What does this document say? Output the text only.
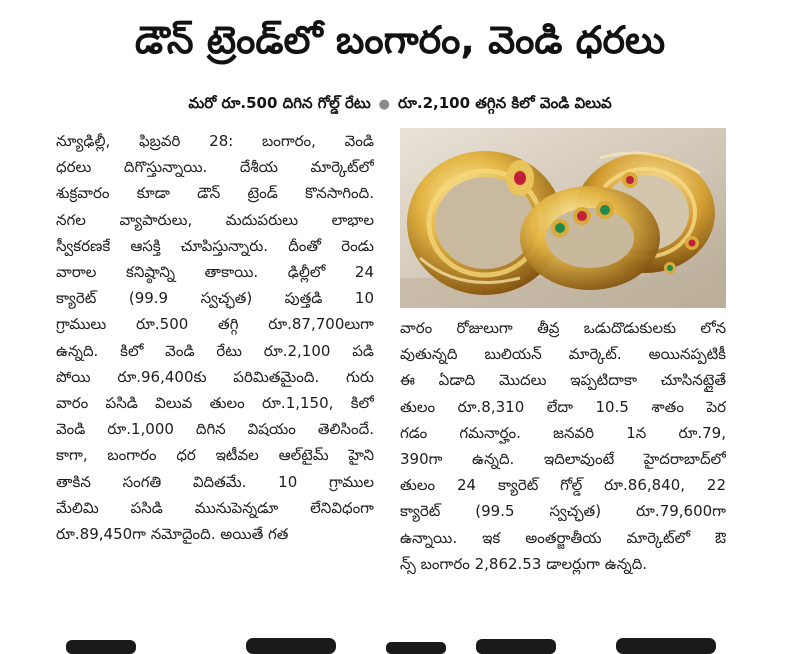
డౌన్ ట్రెండ్‌లో బంగారం, వెండి ధరలు
మరో రూ.500 దిగిన గోల్డ్ రేటు ● రూ.2,100 తగ్గిన కిలో వెండి విలువ
న్యూఢిల్లీ, ఫిబ్రవరి 28: బంగారం, వెండి
ధరలు దిగొస్తున్నాయి. దేశీయ మార్కెట్‌లో
శుక్రవారం కూడా డౌన్ ట్రెండ్ కొనసాగింది.
నగల వ్యాపారులు, మదుపరులు లాభాల
స్వీకరణకే ఆసక్తి చూపిస్తున్నారు. దీంతో రెండు
వారాల కనిష్ఠాన్ని తాకాయి. ఢిల్లీలో 24
క్యారెట్ (99.9 స్వచ్ఛత) పుత్తడి 10
గ్రాములు రూ.500 తగ్గి రూ.87,700లుగా
ఉన్నది. కిలో వెండి రేటు రూ.2,100 పడి
పోయి రూ.96,400కు పరిమితమైంది. గురు
వారం పసిడి విలువ తులం రూ.1,150, కిలో
వెండి రూ.1,000 దిగిన విషయం తెలిసిందే.
కాగా, బంగారం ధర ఇటీవల ఆల్‌టైమ్ హైని
తాకిన సంగతి విదితమే. 10 గ్రాముల
మేలిమి పసిడి మునుపెన్నడూ లేనివిధంగా
రూ.89,450గా నమోదైంది. అయితే గత
వారం రోజులుగా తీవ్ర ఒడుదొడుకులకు లోన
వుతున్నది బులియన్ మార్కెట్. అయినప్పటికీ
ఈ ఏడాది మొదలు ఇప్పటిదాకా చూసినట్లైతే
తులం రూ.8,310 లేదా 10.5 శాతం పెర
గడం గమనార్హం. జనవరి 1న రూ.79,
390గా ఉన్నది. ఇదిలావుంటే హైదరాబాద్‌లో
తులం 24 క్యారెట్ గోల్డ్ రూ.86,840, 22
క్యారెట్ (99.5 స్వచ్ఛత) రూ.79,600గా
ఉన్నాయి. ఇక అంతర్జాతీయ మార్కెట్‌లో ఔ
న్స్ బంగారం 2,862.53 డాలర్లుగా ఉన్నది.
